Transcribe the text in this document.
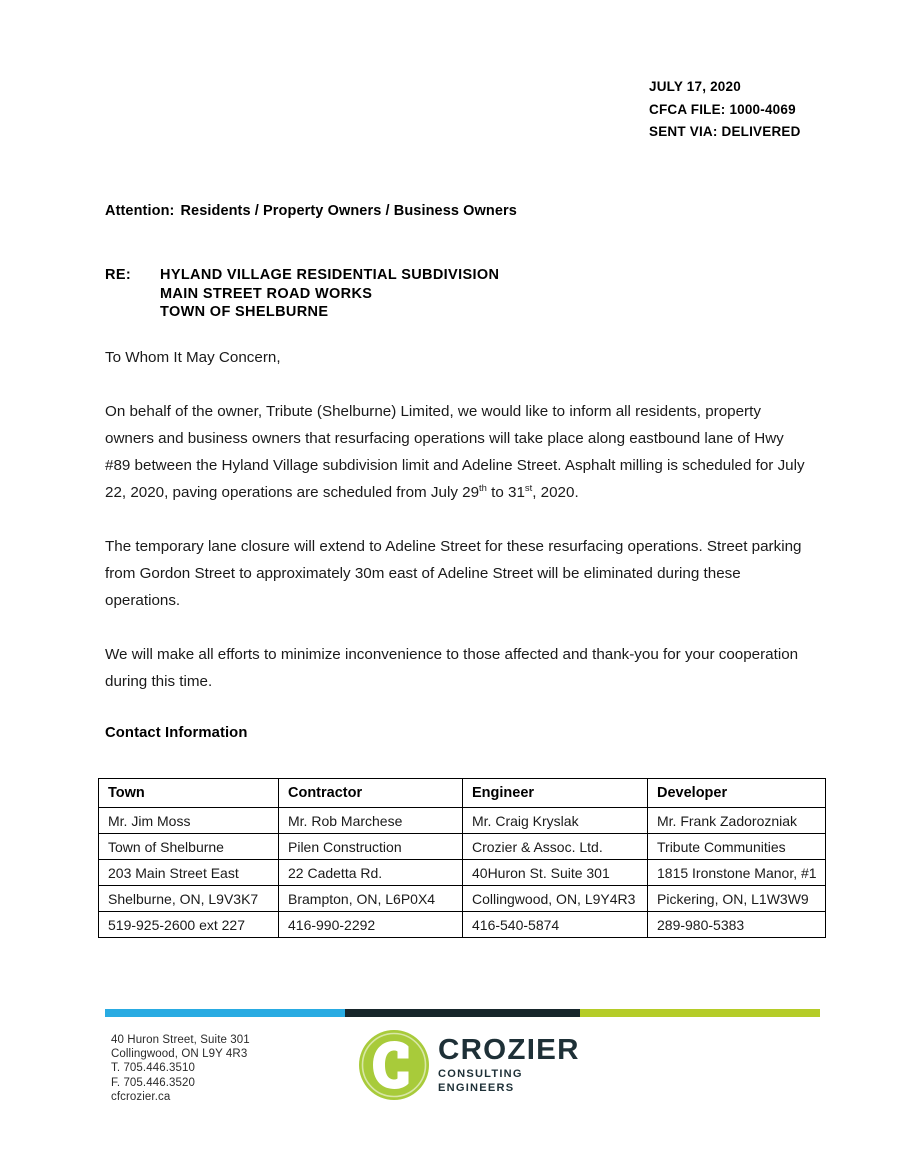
JULY 17, 2020
CFCA FILE: 1000-4069
SENT VIA: DELIVERED
Attention: Residents / Property Owners / Business Owners
RE:	HYLAND VILLAGE RESIDENTIAL SUBDIVISION
MAIN STREET ROAD WORKS
TOWN OF SHELBURNE

To Whom It May Concern,

On behalf of the owner, Tribute (Shelburne) Limited, we would like to inform all residents, property owners and business owners that resurfacing operations will take place along eastbound lane of Hwy #89 between the Hyland Village subdivision limit and Adeline Street. Asphalt milling is scheduled for July 22, 2020, paving operations are scheduled from July 29th to 31st, 2020.

The temporary lane closure will extend to Adeline Street for these resurfacing operations. Street parking from Gordon Street to approximately 30m east of Adeline Street will be eliminated during these operations.

We will make all efforts to minimize inconvenience to those affected and thank-you for your cooperation during this time.

Contact Information
Town	Contractor	Engineer	Developer
Mr. Jim Moss	Mr. Rob Marchese	Mr. Craig Kryslak	Mr. Frank Zadorozniak
Town of Shelburne	Pilen Construction	Crozier & Assoc. Ltd.	Tribute Communities
203 Main Street East	22 Cadetta Rd.	40Huron St. Suite 301	1815 Ironstone Manor, #1
Shelburne, ON, L9V3K7	Brampton, ON, L6P0X4	Collingwood, ON, L9Y4R3	Pickering, ON, L1W3W9
519-925-2600 ext 227	416-990-2292	416-540-5874	289-980-5383
40 Huron Street, Suite 301
Collingwood, ON L9Y 4R3
T. 705.446.3510
F. 705.446.3520
cfcrozier.ca
CROZIER
CONSULTING ENGINEERS
